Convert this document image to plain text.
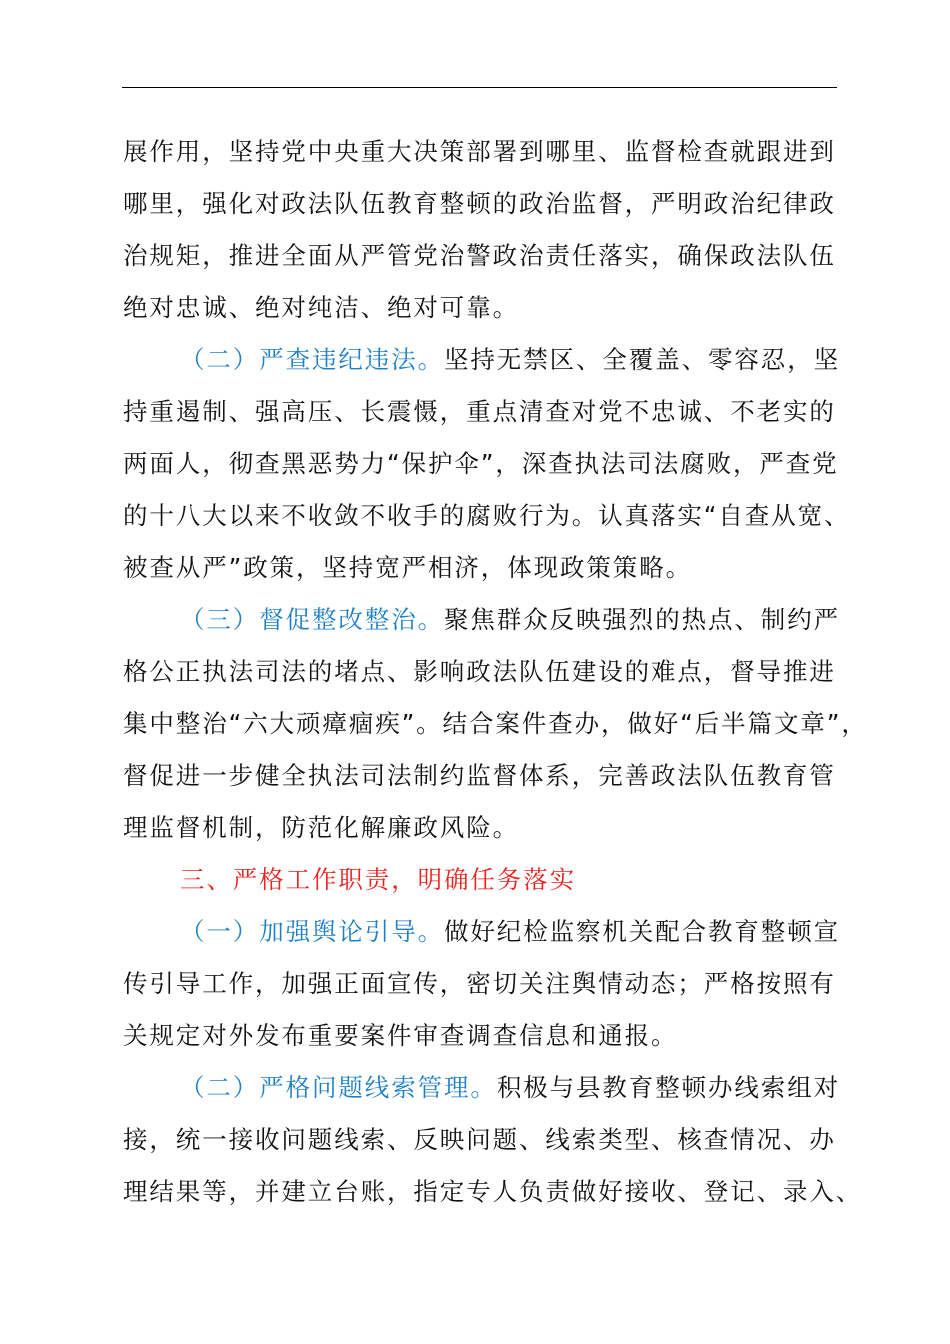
展作用，坚持党中央重大决策部署到哪里、监督检查就跟进到
哪里，强化对政法队伍教育整顿的政治监督，严明政治纪律政
治规矩，推进全面从严管党治警政治责任落实，确保政法队伍
绝对忠诚、绝对纯洁、绝对可靠。
（二）严查违纪违法。坚持无禁区、全覆盖、零容忍，坚
持重遏制、强高压、长震慑，重点清查对党不忠诚、不老实的
两面人，彻查黑恶势力“保护伞”，深查执法司法腐败，严查党
的十八大以来不收敛不收手的腐败行为。认真落实“自查从宽、
被查从严”政策，坚持宽严相济，体现政策策略。
（三）督促整改整治。聚焦群众反映强烈的热点、制约严
格公正执法司法的堵点、影响政法队伍建设的难点，督导推进
集中整治“六大顽瘴痼疾”。结合案件查办，做好“后半篇文章”，
督促进一步健全执法司法制约监督体系，完善政法队伍教育管
理监督机制，防范化解廉政风险。
三、严格工作职责，明确任务落实
（一）加强舆论引导。做好纪检监察机关配合教育整顿宣
传引导工作，加强正面宣传，密切关注舆情动态；严格按照有
关规定对外发布重要案件审查调查信息和通报。
（二）严格问题线索管理。积极与县教育整顿办线索组对
接，统一接收问题线索、反映问题、线索类型、核查情况、办
理结果等，并建立台账，指定专人负责做好接收、登记、录入、
